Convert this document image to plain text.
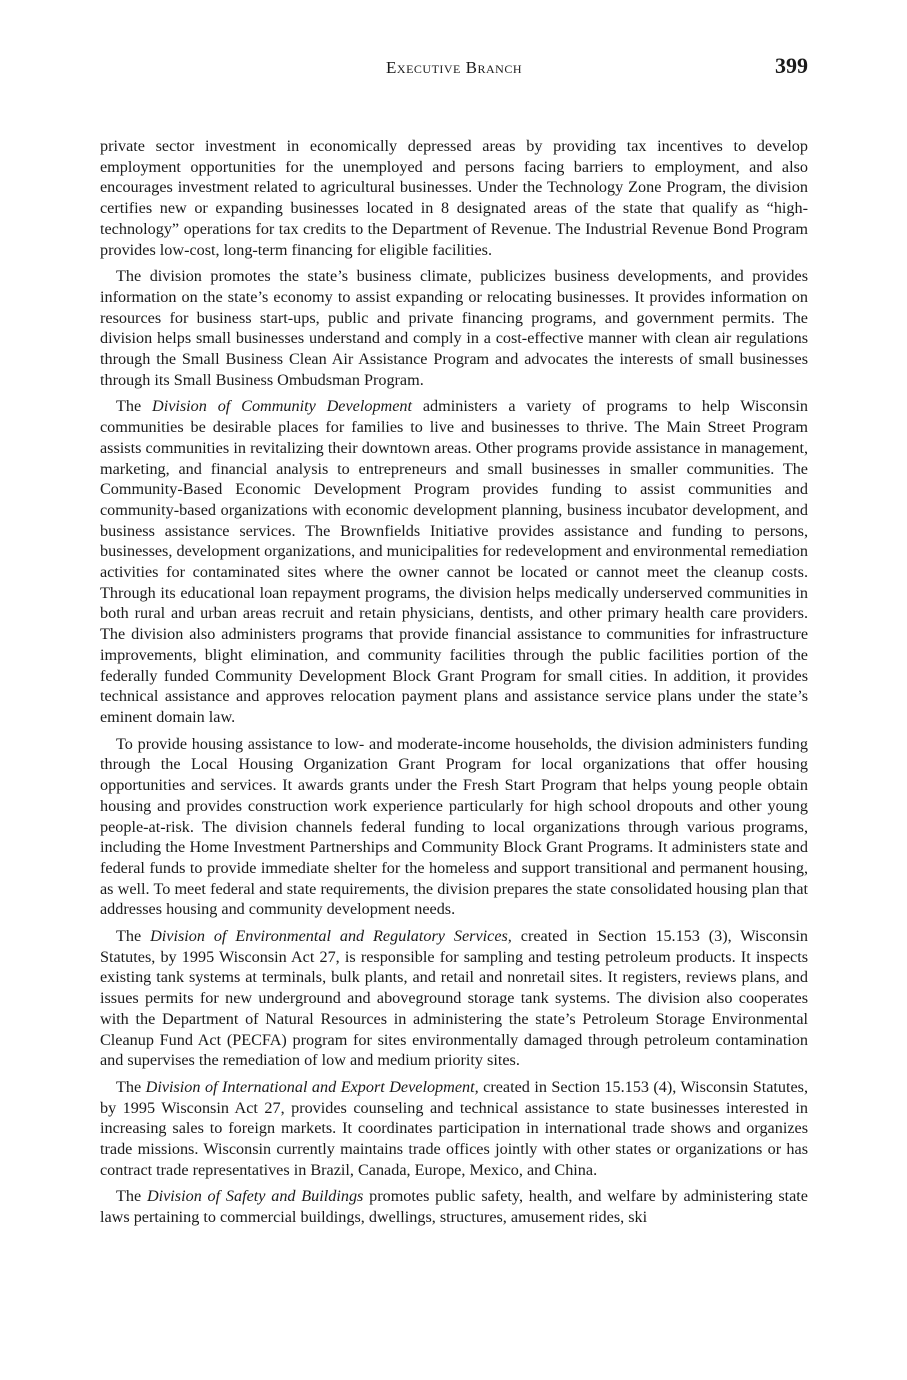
Executive Branch	399

private sector investment in economically depressed areas by providing tax incentives to develop employment opportunities for the unemployed and persons facing barriers to employment, and also encourages investment related to agricultural businesses. Under the Technology Zone Program, the division certifies new or expanding businesses located in 8 designated areas of the state that qualify as “high-technology” operations for tax credits to the Department of Revenue. The Industrial Revenue Bond Program provides low-cost, long-term financing for eligible facilities.

The division promotes the state’s business climate, publicizes business developments, and provides information on the state’s economy to assist expanding or relocating businesses. It provides information on resources for business start-ups, public and private financing programs, and government permits. The division helps small businesses understand and comply in a cost-effective manner with clean air regulations through the Small Business Clean Air Assistance Program and advocates the interests of small businesses through its Small Business Ombudsman Program.

The Division of Community Development administers a variety of programs to help Wisconsin communities be desirable places for families to live and businesses to thrive. The Main Street Program assists communities in revitalizing their downtown areas. Other programs provide assistance in management, marketing, and financial analysis to entrepreneurs and small businesses in smaller communities. The Community-Based Economic Development Program provides funding to assist communities and community-based organizations with economic development planning, business incubator development, and business assistance services. The Brownfields Initiative provides assistance and funding to persons, businesses, development organizations, and municipalities for redevelopment and environmental remediation activities for contaminated sites where the owner cannot be located or cannot meet the cleanup costs. Through its educational loan repayment programs, the division helps medically underserved communities in both rural and urban areas recruit and retain physicians, dentists, and other primary health care providers. The division also administers programs that provide financial assistance to communities for infrastructure improvements, blight elimination, and community facilities through the public facilities portion of the federally funded Community Development Block Grant Program for small cities. In addition, it provides technical assistance and approves relocation payment plans and assistance service plans under the state’s eminent domain law.

To provide housing assistance to low- and moderate-income households, the division administers funding through the Local Housing Organization Grant Program for local organizations that offer housing opportunities and services. It awards grants under the Fresh Start Program that helps young people obtain housing and provides construction work experience particularly for high school dropouts and other young people-at-risk. The division channels federal funding to local organizations through various programs, including the Home Investment Partnerships and Community Block Grant Programs. It administers state and federal funds to provide immediate shelter for the homeless and support transitional and permanent housing, as well. To meet federal and state requirements, the division prepares the state consolidated housing plan that addresses housing and community development needs.

The Division of Environmental and Regulatory Services, created in Section 15.153 (3), Wisconsin Statutes, by 1995 Wisconsin Act 27, is responsible for sampling and testing petroleum products. It inspects existing tank systems at terminals, bulk plants, and retail and nonretail sites. It registers, reviews plans, and issues permits for new underground and aboveground storage tank systems. The division also cooperates with the Department of Natural Resources in administering the state’s Petroleum Storage Environmental Cleanup Fund Act (PECFA) program for sites environmentally damaged through petroleum contamination and supervises the remediation of low and medium priority sites.

The Division of International and Export Development, created in Section 15.153 (4), Wisconsin Statutes, by 1995 Wisconsin Act 27, provides counseling and technical assistance to state businesses interested in increasing sales to foreign markets. It coordinates participation in international trade shows and organizes trade missions. Wisconsin currently maintains trade offices jointly with other states or organizations or has contract trade representatives in Brazil, Canada, Europe, Mexico, and China.

The Division of Safety and Buildings promotes public safety, health, and welfare by administering state laws pertaining to commercial buildings, dwellings, structures, amusement rides, ski
